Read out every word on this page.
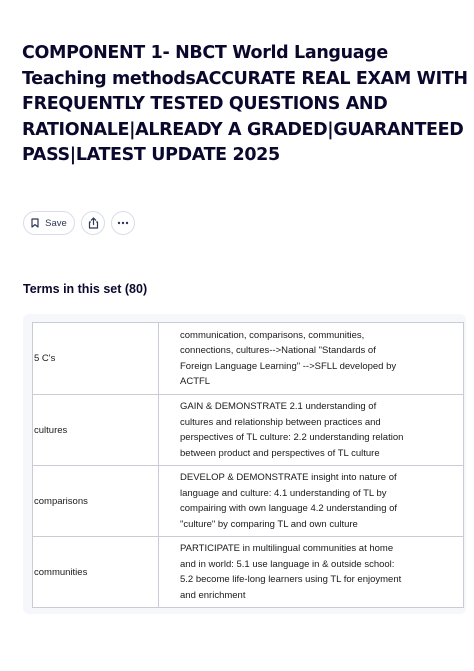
COMPONENT 1- NBCT World Language Teaching methodsACCURATE REAL EXAM WITH FREQUENTLY TESTED QUESTIONS AND RATIONALE|ALREADY A GRADED|GUARANTEED PASS|LATEST UPDATE 2025
Save
Terms in this set (80)
5 C's	communication, comparisons, communities,
connections, cultures-->National "Standards of
Foreign Language Learning" -->SFLL developed by
ACTFL
cultures	GAIN & DEMONSTRATE 2.1 understanding of
cultures and relationship between practices and
perspectives of TL culture: 2.2 understanding relation
between product and perspectives of TL culture
comparisons	DEVELOP & DEMONSTRATE insight into nature of
language and culture: 4.1 understanding of TL by
compairing with own language 4.2 understanding of
"culture" by comparing TL and own culture
communities	PARTICIPATE in multilingual communities at home
and in world: 5.1 use language in & outside school:
5.2 become life-long learners using TL for enjoyment
and enrichment
